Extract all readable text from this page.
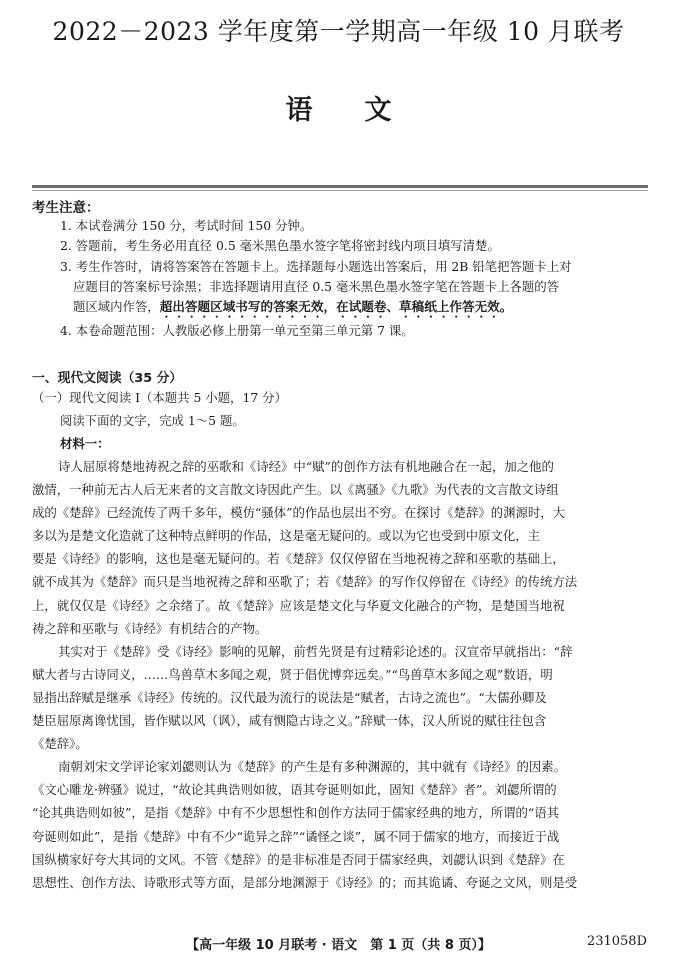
2022－2023 学年度第一学期高一年级 10 月联考
语文
考生注意：
1. 本试卷满分 150 分，考试时间 150 分钟。
2. 答题前，考生务必用直径 0.5 毫米黑色墨水签字笔将密封线内项目填写清楚。
3. 考生作答时，请将答案答在答题卡上。选择题每小题选出答案后，用 2B 铅笔把答题卡上对
应题目的答案标号涂黑；非选择题请用直径 0.5 毫米黑色墨水签字笔在答题卡上各题的答
题区域内作答，超出答题区域书写的答案无效，在试题卷、草稿纸上作答无效。
4. 本卷命题范围：人教版必修上册第一单元至第三单元第 7 课。
一、现代文阅读（35 分）
（一）现代文阅读 I（本题共 5 小题，17 分）
阅读下面的文字，完成 1～5 题。
材料一：
诗人屈原将楚地祷祝之辞的巫歌和《诗经》中“赋”的创作方法有机地融合在一起，加之他的
激情，一种前无古人后无来者的文言散文诗因此产生。以《离骚》《九歌》为代表的文言散文诗组
成的《楚辞》已经流传了两千多年，模仿“骚体”的作品也层出不穷。在探讨《楚辞》的渊源时，大
多以为是楚文化造就了这种特点鲜明的作品，这是毫无疑问的。或以为它也受到中原文化，主
要是《诗经》的影响，这也是毫无疑问的。若《楚辞》仅仅停留在当地祝祷之辞和巫歌的基础上，
就不成其为《楚辞》而只是当地祝祷之辞和巫歌了；若《楚辞》的写作仅停留在《诗经》的传统方法
上，就仅仅是《诗经》之余绪了。故《楚辞》应该是楚文化与华夏文化融合的产物，是楚国当地祝
祷之辞和巫歌与《诗经》有机结合的产物。
其实对于《楚辞》受《诗经》影响的见解，前哲先贤是有过精彩论述的。汉宣帝早就指出：“辞
赋大者与古诗同义，……鸟兽草木多闻之观，贤于倡优博弈远矣。”“鸟兽草木多闻之观”数语，明
显指出辞赋是继承《诗经》传统的。汉代最为流行的说法是“赋者，古诗之流也”。“大儒孙卿及
楚臣屈原离谗忧国，皆作赋以风（讽），咸有恻隐古诗之义。”辞赋一体，汉人所说的赋往往包含
《楚辞》。
南朝刘宋文学评论家刘勰则认为《楚辞》的产生是有多种渊源的，其中就有《诗经》的因素。
《文心雕龙·辨骚》说过，“故论其典诰则如彼，语其夸诞则如此，固知《楚辞》者”。刘勰所谓的
“论其典诰则如彼”，是指《楚辞》中有不少思想性和创作方法同于儒家经典的地方，所谓的“语其
夸诞则如此”，是指《楚辞》中有不少“诡异之辞”“谲怪之谈”，属不同于儒家的地方，而接近于战
国纵横家好夸大其词的文风。不管《楚辞》的是非标准是否同于儒家经典，刘勰认识到《楚辞》在
思想性、创作方法、诗歌形式等方面，是部分地渊源于《诗经》的；而其诡谲、夸诞之文风，则是受
【高一年级 10 月联考 · 语文　第 1 页（共 8 页）】	231058D
